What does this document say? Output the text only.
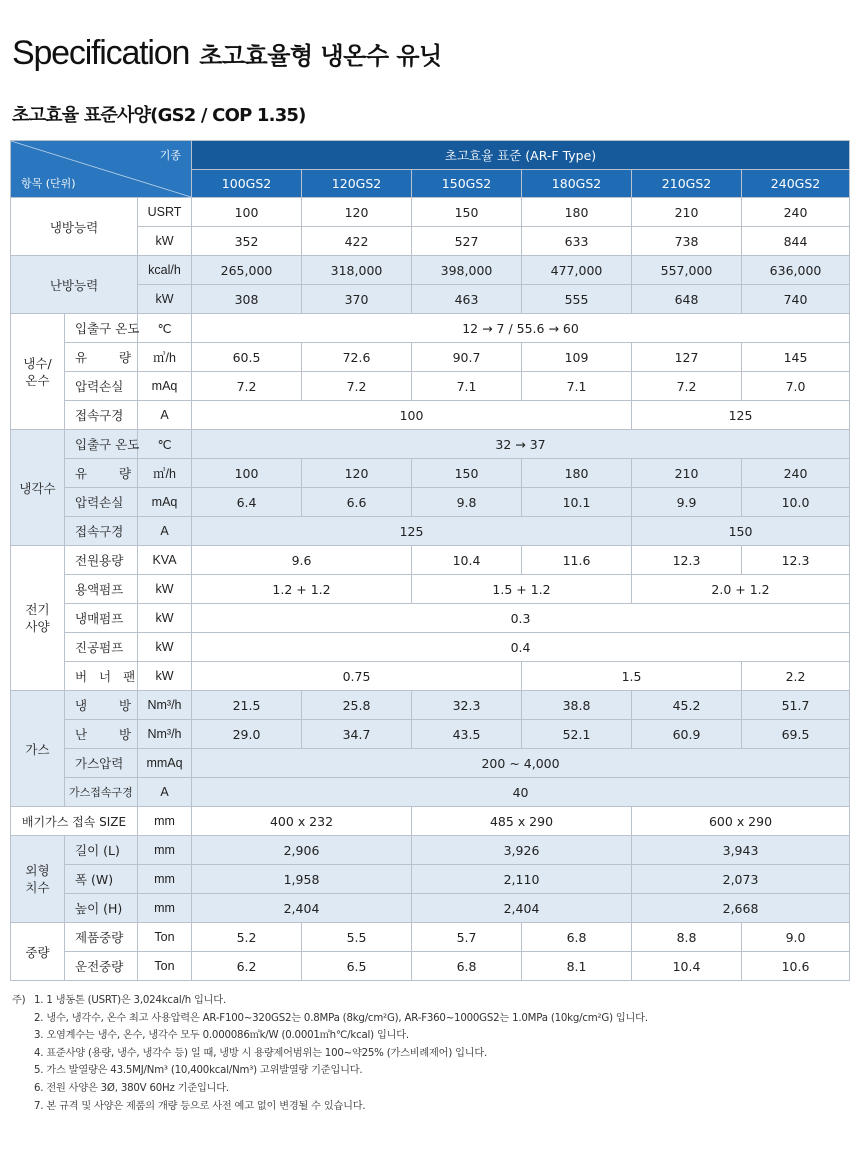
Specification 초고효율형 냉온수 유닛
초고효율 표준사양(GS2 / COP 1.35)
기종
항목 (단위)			초고효율 표준 (AR-F Type)					
			100GS2	120GS2	150GS2	180GS2	210GS2	240GS2
냉방능력		USRT	100	120	150	180	210	240
		kW	352	422	527	633	738	844
난방능력		kcal/h	265,000	318,000	398,000	477,000	557,000	636,000
		kW	308	370	463	555	648	740
냉수/
온수	입출구 온도	℃	12 → 7 / 55.6 → 60					
	유 량	㎥/h	60.5	72.6	90.7	109	127	145
	압력손실	mAq	7.2	7.2	7.1	7.1	7.2	7.0
	접속구경	A	100				125	
냉각수	입출구 온도	℃	32 → 37					
	유 량	㎥/h	100	120	150	180	210	240
	압력손실	mAq	6.4	6.6	9.8	10.1	9.9	10.0
	접속구경	A	125				150	
전기
사양	전원용량	KVA	9.6		10.4	11.6	12.3	12.3
	용액펌프	kW	1.2 + 1.2		1.5 + 1.2		2.0 + 1.2	
	냉매펌프	kW	0.3					
	진공펌프	kW	0.4					
	버 너 팬	kW	0.75			1.5		2.2
가스	냉 방	Nm³/h	21.5	25.8	32.3	38.8	45.2	51.7
	난 방	Nm³/h	29.0	34.7	43.5	52.1	60.9	69.5
	가스압력	mmAq	200 ~ 4,000					
	가스접속구경	A	40					
배기가스 접속 SIZE		mm	400 x 232		485 x 290		600 x 290	
외형
치수	길이 (L)	mm	2,906		3,926		3,943	
	폭 (W)	mm	1,958		2,110		2,073	
	높이 (H)	mm	2,404		2,404		2,668	
중량	제품중량	Ton	5.2	5.5	5.7	6.8	8.8	9.0
	운전중량	Ton	6.2	6.5	6.8	8.1	10.4	10.6
주) 1. 1 냉동톤 (USRT)은 3,024kcal/h 입니다.
2. 냉수, 냉각수, 온수 최고 사용압력은 AR-F100~320GS2는 0.8MPa (8kg/cm²G), AR-F360~1000GS2는 1.0MPa (10kg/cm²G) 입니다.
3. 오염계수는 냉수, 온수, 냉각수 모두 0.000086㎡k/W (0.0001㎡h℃/kcal) 입니다.
4. 표준사양 (용량, 냉수, 냉각수 등) 일 때, 냉방 시 용량제어범위는 100~약25% (가스비례제어) 입니다.
5. 가스 발열량은 43.5MJ/Nm³ (10,400kcal/Nm³) 고위발열량 기준입니다.
6. 전원 사양은 3Ø, 380V 60Hz 기준입니다.
7. 본 규격 및 사양은 제품의 개량 등으로 사전 예고 없이 변경될 수 있습니다.
